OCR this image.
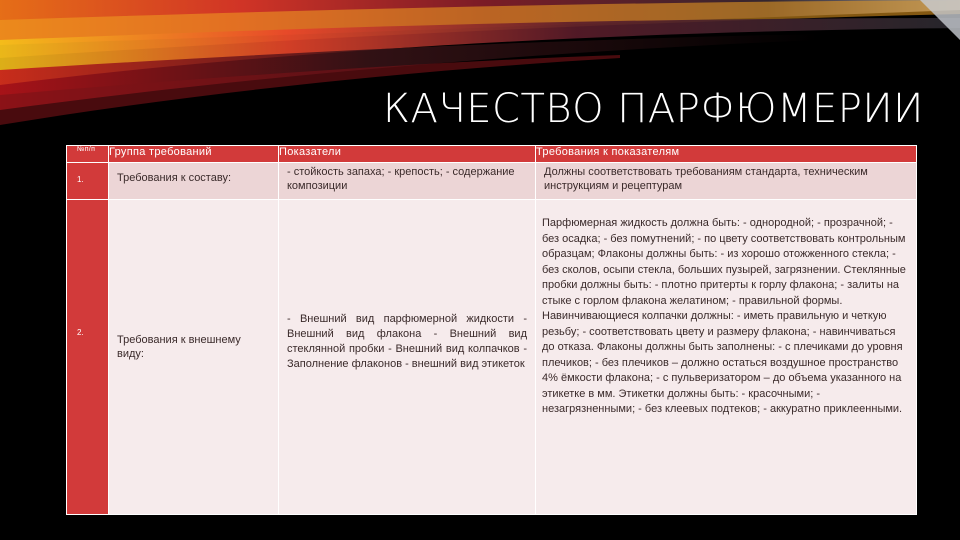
КАЧЕСТВО ПАРФЮМЕРИИ
№п/п	Группа требований	Показатели	Требования к показателям

1.	Требования к составу:	- стойкость запаха; - крепость; - содержание композиции	Должны соответствовать требованиям стандарта, техническим инструкциям и рецептурам

2.	Требования к внешнему виду:	- Внешний вид парфюмерной жидкости - Внешний вид флакона - Внешний вид стеклянной пробки - Внешний вид колпачков - Заполнение флаконов - внешний вид этикеток	Парфюмерная жидкость должна быть: - однородной; - прозрачной; - без осадка; - без помутнений; - по цвету соответствовать контрольным образцам; Флаконы должны быть: - из хорошо отожженного стекла; - без сколов, осыпи стекла, больших пузырей, загрязнении. Стеклянные пробки должны быть: - плотно притерты к горлу флакона; - залиты на стыке с горлом флакона желатином; - правильной формы. Навинчивающиеся колпачки должны: - иметь правильную и четкую резьбу; - соответствовать цвету и размеру флакона; - навинчиваться до отказа. Флаконы должны быть заполнены: - с плечиками до уровня плечиков; - без плечиков – должно остаться воздушное пространство 4% ёмкости флакона; - с пульверизатором – до объема указанного на этикетке в мм. Этикетки должны быть: - красочными; - незагрязненными; - без клеевых подтеков; - аккуратно приклеенными.
